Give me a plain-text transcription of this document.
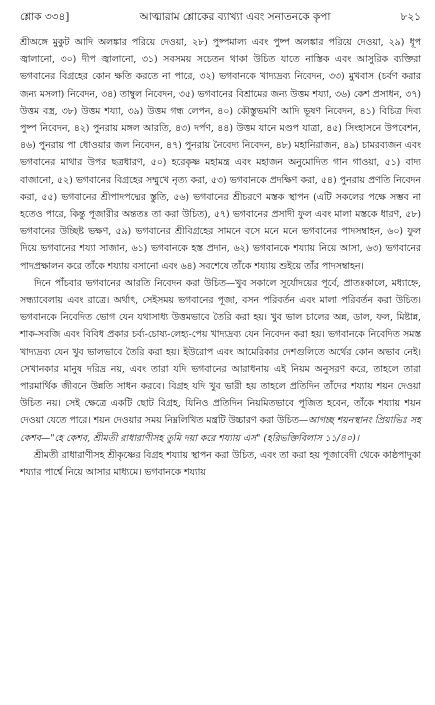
শ্লোক ৩৩৪]	আত্মারাম শ্লোকের ব্যাখ্যা এবং সনাতনকে কৃপা	৮২১

শ্রীঅঙ্গে মুকুট আদি অলঙ্কার পরিয়ে দেওয়া, ২৮) পুষ্পমাল্য এবং পুষ্প অলঙ্কার পরিয়ে দেওয়া, ২৯) ধূপ জ্বালানো, ৩০) দীপ জ্বালানো, ৩১) সবসময় সচেতন থাকা উচিত যাতে নাস্তিক এবং আসুরিক ব্যক্তিরা ভগবানের বিগ্রহের কোন ক্ষতি করতে না পারে, ৩২) ভগবানকে খাদ্যদ্রব্য নিবেদন, ৩৩) মুখবাস (চর্বণ করার জন্য মসলা) নিবেদন, ৩৪) তাম্বুল নিবেদন, ৩৫) ভগবানের বিশ্রামের জন্য উত্তম শয্যা, ৩৬) কেশ প্রসাধন, ৩৭) উত্তম বস্ত্র, ৩৮) উত্তম শয্যা, ৩৯) উত্তম গন্ধ লেপন, ৪০) কৌস্তুভমণি আদি ভূষণ নিবেদন, ৪১) বিচিত্র দিব্য পুষ্প নিবেদন, ৪২) পুনরায় মঙ্গল আরতি, ৪৩) দর্পণ, ৪৪) উত্তম যানে মণ্ডপ যাত্রা, ৪৫) সিংহাসনে উপবেশন, ৪৬) পুনরায় পা ধোওয়ার জল নিবেদন, ৪৭) পুনরায় নৈবেদ্য নিবেদন, ৪৮) মহানিরাজন, ৪৯) চামরব্যজন এবং ভগবানের মাথার উপর ছত্রধারণ, ৫০) হরেকৃষ্ণ মহামন্ত্র এবং মহাজন অনুমোদিত গান গাওয়া, ৫১) বাদ্য বাজানো, ৫২) ভগবানের বিগ্রহের সম্মুখে নৃত্য করা, ৫৩) ভগবানকে প্রদক্ষিণ করা, ৫৪) পুনরায় প্রণতি নিবেদন করা, ৫৫) ভগবানের শ্রীপাদপদ্মের স্তুতি, ৫৬) ভগবানের শ্রীচরণে মস্তক স্থাপন (এটি সকলের পক্ষে সম্ভব না হতেও পারে, কিন্তু পূজারীর অন্ততঃ তা করা উচিত), ৫৭) ভগবানের প্রসাদী ফুল এবং মালা মস্তকে ধারণ, ৫৮) ভগবানের উচ্ছিষ্ট ভক্ষণ, ৫৯) ভগবানের শ্রীবিগ্রহের সামনে বসে মনে মনে ভগবানের পাদসম্বাহন, ৬০) ফুল দিয়ে ভগবানের শয্যা সাজান, ৬১) ভগবানকে হস্ত প্রদান, ৬২) ভগবানকে শয্যায় নিয়ে আসা, ৬৩) ভগবানের পাদপ্রক্ষালন করে তাঁকে শয্যায় বসানো এবং ৬৪) সবশেষে তাঁকে শয্যায় শুইয়ে তাঁর পাদসম্বাহন।

দিনে পাঁচবার ভগবানের আরতি নিবেদন করা উচিত—খুব সকালে সূর্যোদয়ের পূর্বে, প্রাতঃকালে, মধ্যাহ্নে, সন্ধ্যাবেলায় এবং রাত্রে। অর্থাৎ, সেইসময় ভগবানের পূজা, বসন পরিবর্তন এবং মালা পরিবর্তন করা উচিত। ভগবানকে নিবেদিত ভোগ যেন যথাসাধ্য উত্তমভাবে তৈরি করা হয়। খুব ভাল চালের অন্ন, ডাল, ফল, মিষ্টান্ন, শাক-সবজি এবং বিবিধ প্রকার চর্ব্য-চোষ্য-লেহ্য-পেয় খাদ্যদ্রব্য যেন নিবেদন করা হয়। ভগবানকে নিবেদিত সমস্ত খাদ্যদ্রব্য যেন খুব ভালভাবে তৈরি করা হয়। ইউরোপ এবং আমেরিকার দেশগুলিতে অর্থের কোন অভাব নেই। সেখানকার মানুষ দরিদ্র নয়, এবং তারা যদি ভগবানের আরাধনায় এই নিয়ম অনুসরণ করে, তাহলে তারা পারমার্থিক জীবনে উন্নতি সাধন করবে। বিগ্রহ যদি খুব ভারী হয় তাহলে প্রতিদিন তাঁদের শয্যায় শয়ন দেওয়া উচিত নয়। সেই ক্ষেত্রে একটি ছোট বিগ্রহ, যিনিও প্রতিদিন নিয়মিতভাবে পূজিত হবেন, তাঁকে শয্যায় শয়ন দেওয়া যেতে পারে। শয়ন দেওয়ার সময় নিম্নলিখিত মন্ত্রটি উচ্চারণ করা উচিত—আগচ্ছ শয়নস্থানং প্রিয়াভিঃ সহ কেশব—"হে কেশব, শ্রীমতী রাধারাণীসহ তুমি দয়া করে শয্যায় এস" (হরিভক্তিবিলাস ১১/৪০)।

শ্রীমতী রাধারাণীসহ শ্রীকৃষ্ণের বিগ্রহ শয্যায় স্থাপন করা উচিত, এবং তা করা হয় পূজাবেদী থেকে কাষ্ঠপাদুকা শয্যার পার্শ্বে নিয়ে আসার মাধ্যমে। ভগবানকে শয্যায়
